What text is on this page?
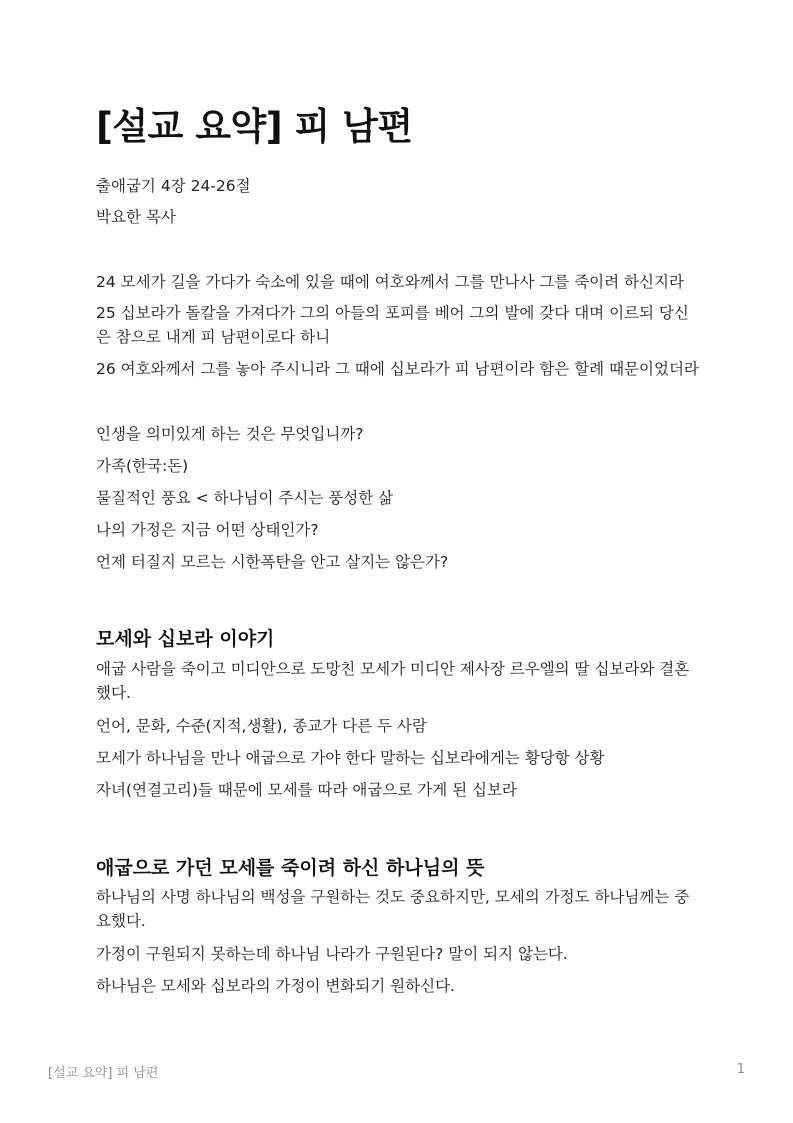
[설교 요약] 피 남편

출애굽기 4장 24-26절

박요한 목사

24 모세가 길을 가다가 숙소에 있을 때에 여호와께서 그를 만나사 그를 죽이려 하신지라

25 십보라가 돌칼을 가져다가 그의 아들의 포피를 베어 그의 발에 갖다 대며 이르되 당신은 참으로 내게 피 남편이로다 하니

26 여호와께서 그를 놓아 주시니라 그 때에 십보라가 피 남편이라 함은 할례 때문이었더라

인생을 의미있게 하는 것은 무엇입니까?

가족(한국:돈)

물질적인 풍요 < 하나님이 주시는 풍성한 삶

나의 가정은 지금 어떤 상태인가?

언제 터질지 모르는 시한폭탄을 안고 살지는 않은가?

모세와 십보라 이야기

애굽 사람을 죽이고 미디안으로 도망친 모세가 미디안 제사장 르우엘의 딸 십보라와 결혼했다.

언어, 문화, 수준(지적,생활), 종교가 다른 두 사람

모세가 하나님을 만나 애굽으로 가야 한다 말하는 십보라에게는 황당항 상황

자녀(연결고리)들 때문에 모세를 따라 애굽으로 가게 된 십보라

애굽으로 가던 모세를 죽이려 하신 하나님의 뜻

하나님의 사명 하나님의 백성을 구원하는 것도 중요하지만, 모세의 가정도 하나님께는 중요했다.

가정이 구원되지 못하는데 하나님 나라가 구원된다? 말이 되지 않는다.

하나님은 모세와 십보라의 가정이 변화되기 원하신다.

[설교 요약] 피 남편	1
